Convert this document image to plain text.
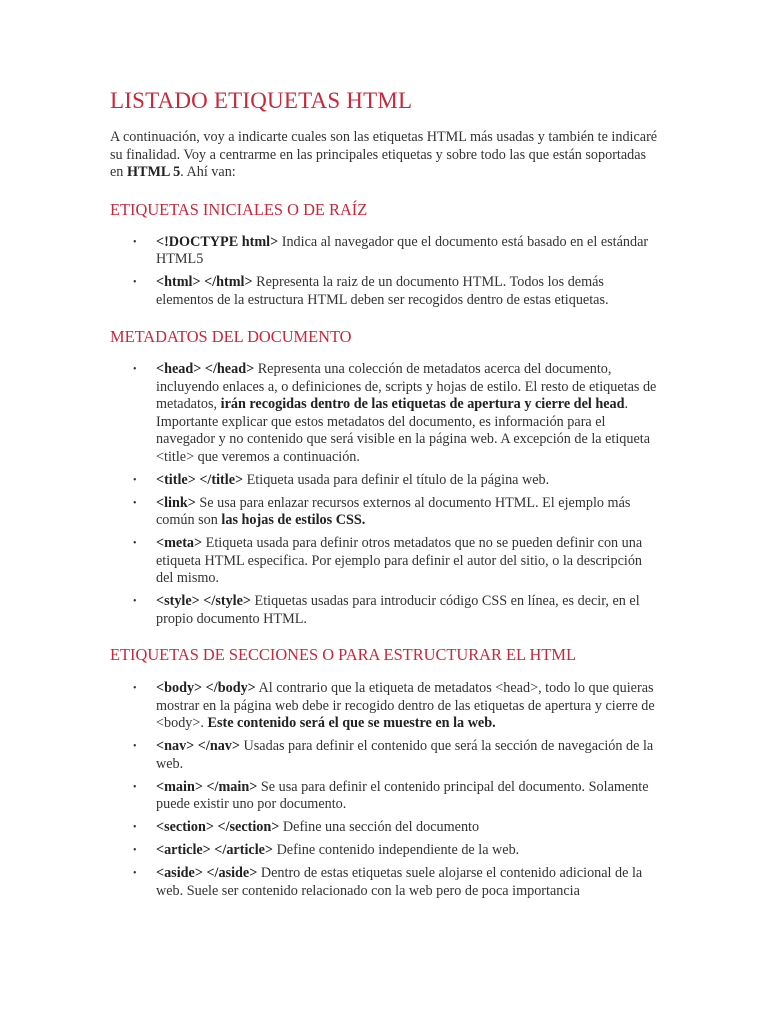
LISTADO ETIQUETAS HTML

A continuación, voy a indicarte cuales son las etiquetas HTML más usadas y también te indicaré su finalidad. Voy a centrarme en las principales etiquetas y sobre todo las que están soportadas en HTML 5. Ahí van:

ETIQUETAS INICIALES O DE RAÍZ
• <!DOCTYPE html> Indica al navegador que el documento está basado en el estándar HTML5
• <html> </html> Representa la raiz de un documento HTML. Todos los demás elementos de la estructura HTML deben ser recogidos dentro de estas etiquetas.
METADATOS DEL DOCUMENTO
• <head> </head> Representa una colección de metadatos acerca del documento, incluyendo enlaces a, o definiciones de, scripts y hojas de estilo. El resto de etiquetas de metadatos, irán recogidas dentro de las etiquetas de apertura y cierre del head. Importante explicar que estos metadatos del documento, es información para el navegador y no contenido que será visible en la página web. A excepción de la etiqueta <title> que veremos a continuación.
• <title> </title> Etiqueta usada para definir el título de la página web.
• <link> Se usa para enlazar recursos externos al documento HTML. El ejemplo más común son las hojas de estilos CSS.
• <meta> Etiqueta usada para definir otros metadatos que no se pueden definir con una etiqueta HTML especifica. Por ejemplo para definir el autor del sitio, o la descripción del mismo.
• <style> </style> Etiquetas usadas para introducir código CSS en línea, es decir, en el propio documento HTML.
ETIQUETAS DE SECCIONES O PARA ESTRUCTURAR EL HTML
• <body> </body> Al contrario que la etiqueta de metadatos <head>, todo lo que quieras mostrar en la página web debe ir recogido dentro de las etiquetas de apertura y cierre de <body>. Este contenido será el que se muestre en la web.
• <nav> </nav> Usadas para definir el contenido que será la sección de navegación de la web.
• <main> </main> Se usa para definir el contenido principal del documento. Solamente puede existir uno por documento.
• <section> </section> Define una sección del documento
• <article> </article> Define contenido independiente de la web.
• <aside> </aside> Dentro de estas etiquetas suele alojarse el contenido adicional de la web. Suele ser contenido relacionado con la web pero de poca importancia
